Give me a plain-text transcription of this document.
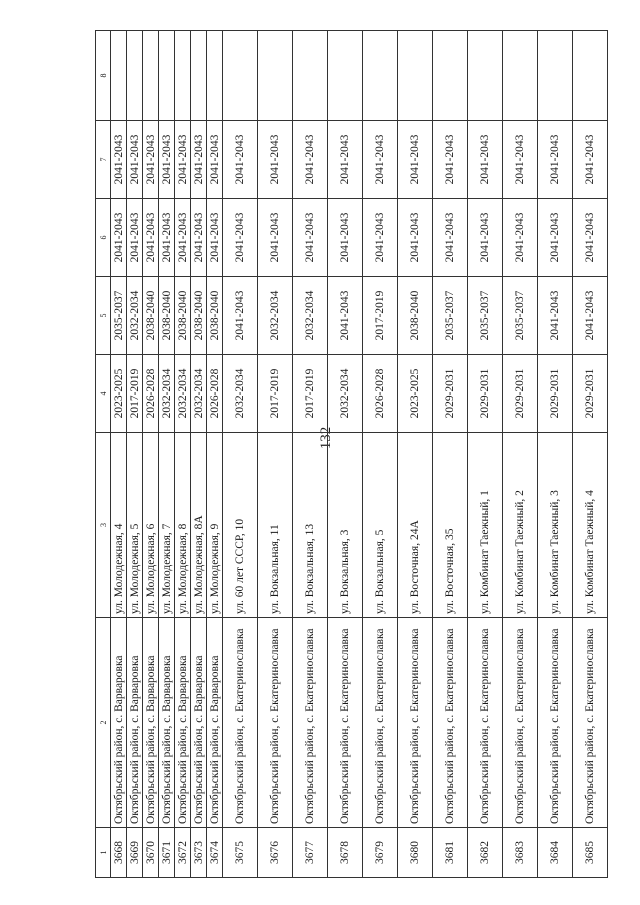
132
1	2	3	4	5	6	7	8
3668	Октябрьский район, с. Варваровка	ул. Молодежная, 4	2023-2025	2035-2037	2041-2043	2041-2043	
3669	Октябрьский район, с. Варваровка	ул. Молодежная, 5	2017-2019	2032-2034	2041-2043	2041-2043	
3670	Октябрьский район, с. Варваровка	ул. Молодежная, 6	2026-2028	2038-2040	2041-2043	2041-2043	
3671	Октябрьский район, с. Варваровка	ул. Молодежная, 7	2032-2034	2038-2040	2041-2043	2041-2043	
3672	Октябрьский район, с. Варваровка	ул. Молодежная, 8	2032-2034	2038-2040	2041-2043	2041-2043	
3673	Октябрьский район, с. Варваровка	ул. Молодежная, 8А	2032-2034	2038-2040	2041-2043	2041-2043	
3674	Октябрьский район, с. Варваровка	ул. Молодежная, 9	2026-2028	2038-2040	2041-2043	2041-2043	
3675	Октябрьский район, с. Екатеринославка	ул. 60 лет СССР, 10	2032-2034	2041-2043	2041-2043	2041-2043	
3676	Октябрьский район, с. Екатеринославка	ул. Вокзальная, 11	2017-2019	2032-2034	2041-2043	2041-2043	
3677	Октябрьский район, с. Екатеринославка	ул. Вокзальная, 13	2017-2019	2032-2034	2041-2043	2041-2043	
3678	Октябрьский район, с. Екатеринославка	ул. Вокзальная, 3	2032-2034	2041-2043	2041-2043	2041-2043	
3679	Октябрьский район, с. Екатеринославка	ул. Вокзальная, 5	2026-2028	2017-2019	2041-2043	2041-2043	
3680	Октябрьский район, с. Екатеринославка	ул. Восточная, 24А	2023-2025	2038-2040	2041-2043	2041-2043	
3681	Октябрьский район, с. Екатеринославка	ул. Восточная, 35	2029-2031	2035-2037	2041-2043	2041-2043	
3682	Октябрьский район, с. Екатеринославка	ул. Комбинат Таежный, 1	2029-2031	2035-2037	2041-2043	2041-2043	
3683	Октябрьский район, с. Екатеринославка	ул. Комбинат Таежный, 2	2029-2031	2035-2037	2041-2043	2041-2043	
3684	Октябрьский район, с. Екатеринославка	ул. Комбинат Таежный, 3	2029-2031	2041-2043	2041-2043	2041-2043	
3685	Октябрьский район, с. Екатеринославка	ул. Комбинат Таежный, 4	2029-2031	2041-2043	2041-2043	2041-2043	
